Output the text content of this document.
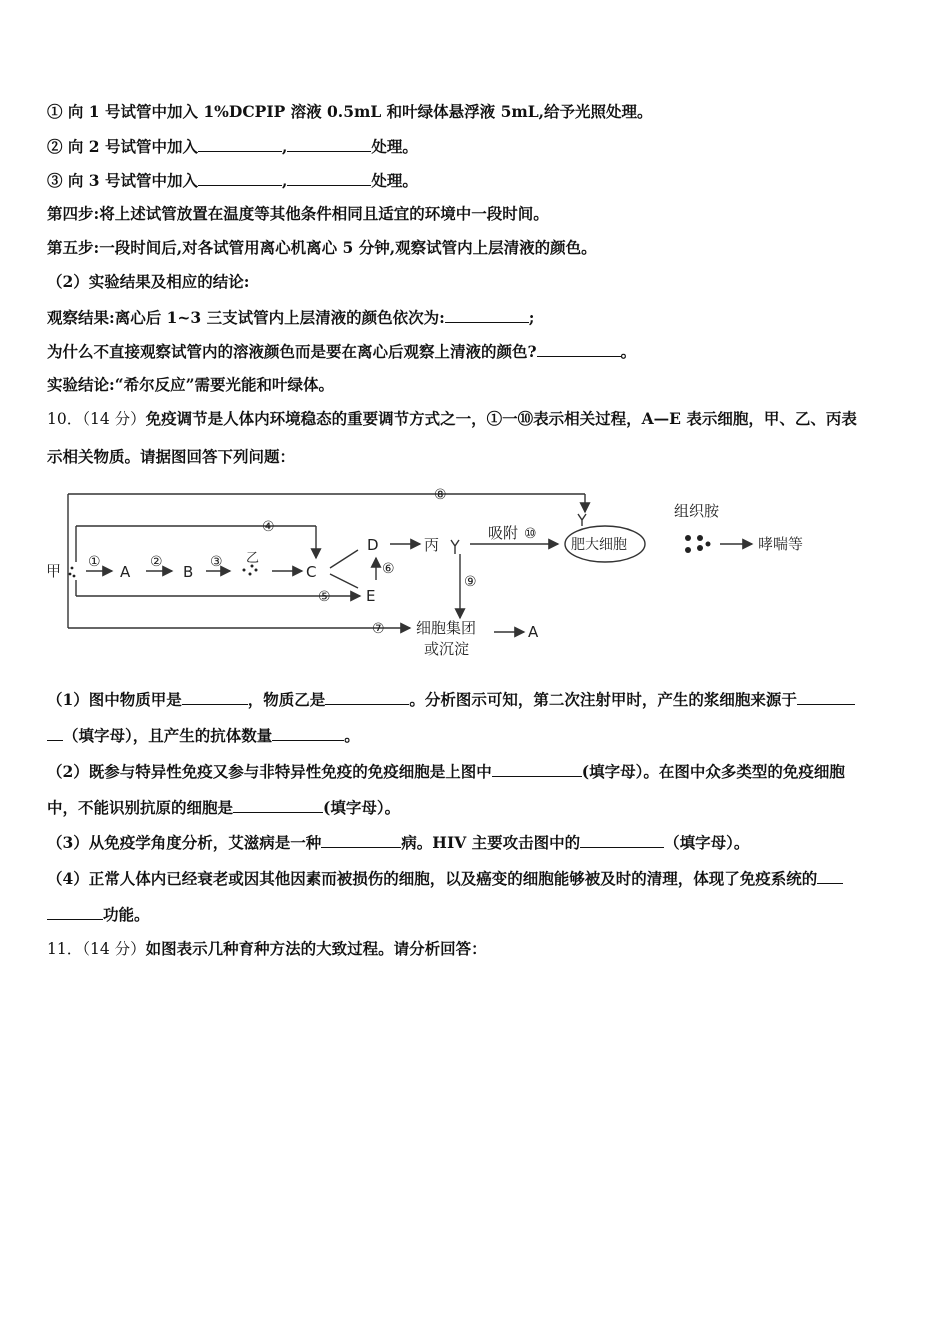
① 向 1 号试管中加入 1%DCPIP 溶液 0.5mL 和叶绿体悬浮液 5mL,给予光照处理。
② 向 2 号试管中加入	,	处理。
③ 向 3 号试管中加入	,	处理。
第四步:将上述试管放置在温度等其他条件相同且适宜的环境中一段时间。
第五步:一段时间后,对各试管用离心机离心 5 分钟,观察试管内上层清液的颜色。
（2）实验结果及相应的结论:
观察结果:离心后 1~3 三支试管内上层清液的颜色依次为:	;
为什么不直接观察试管内的溶液颜色而是要在离心后观察上清液的颜色?	。
实验结论:“希尔反应”需要光能和叶绿体。
10．（14 分）免疫调节是人体内环境稳态的重要调节方式之一，①一⑩表示相关过程，A—E 表示细胞，甲、乙、丙表
示相关物质。请据图回答下列问题：
甲	A	B	C
D
E
丙
乙
吸附
肥大细胞
组织胺
哮喘等
细胞集团
或沉淀
A
①	②	③
④
⑤
⑥
⑦
⑧
⑨
⑩
（1）图中物质甲是	，物质乙是	。分析图示可知，第二次注射甲时，产生的浆细胞来源于
（填字母），且产生的抗体数量	。
（2）既参与特异性免疫又参与非特异性免疫的免疫细胞是上图中	(填字母）。在图中众多类型的免疫细胞
中，不能识别抗原的细胞是	(填字母）。
（3）从免疫学角度分析，艾滋病是一种	病。HIV 主要攻击图中的	（填字母）。
（4）正常人体内已经衰老或因其他因素而被损伤的细胞，以及癌变的细胞能够被及时的清理，体现了免疫系统的
功能。
11．（14 分）如图表示几种育种方法的大致过程。请分析回答：
